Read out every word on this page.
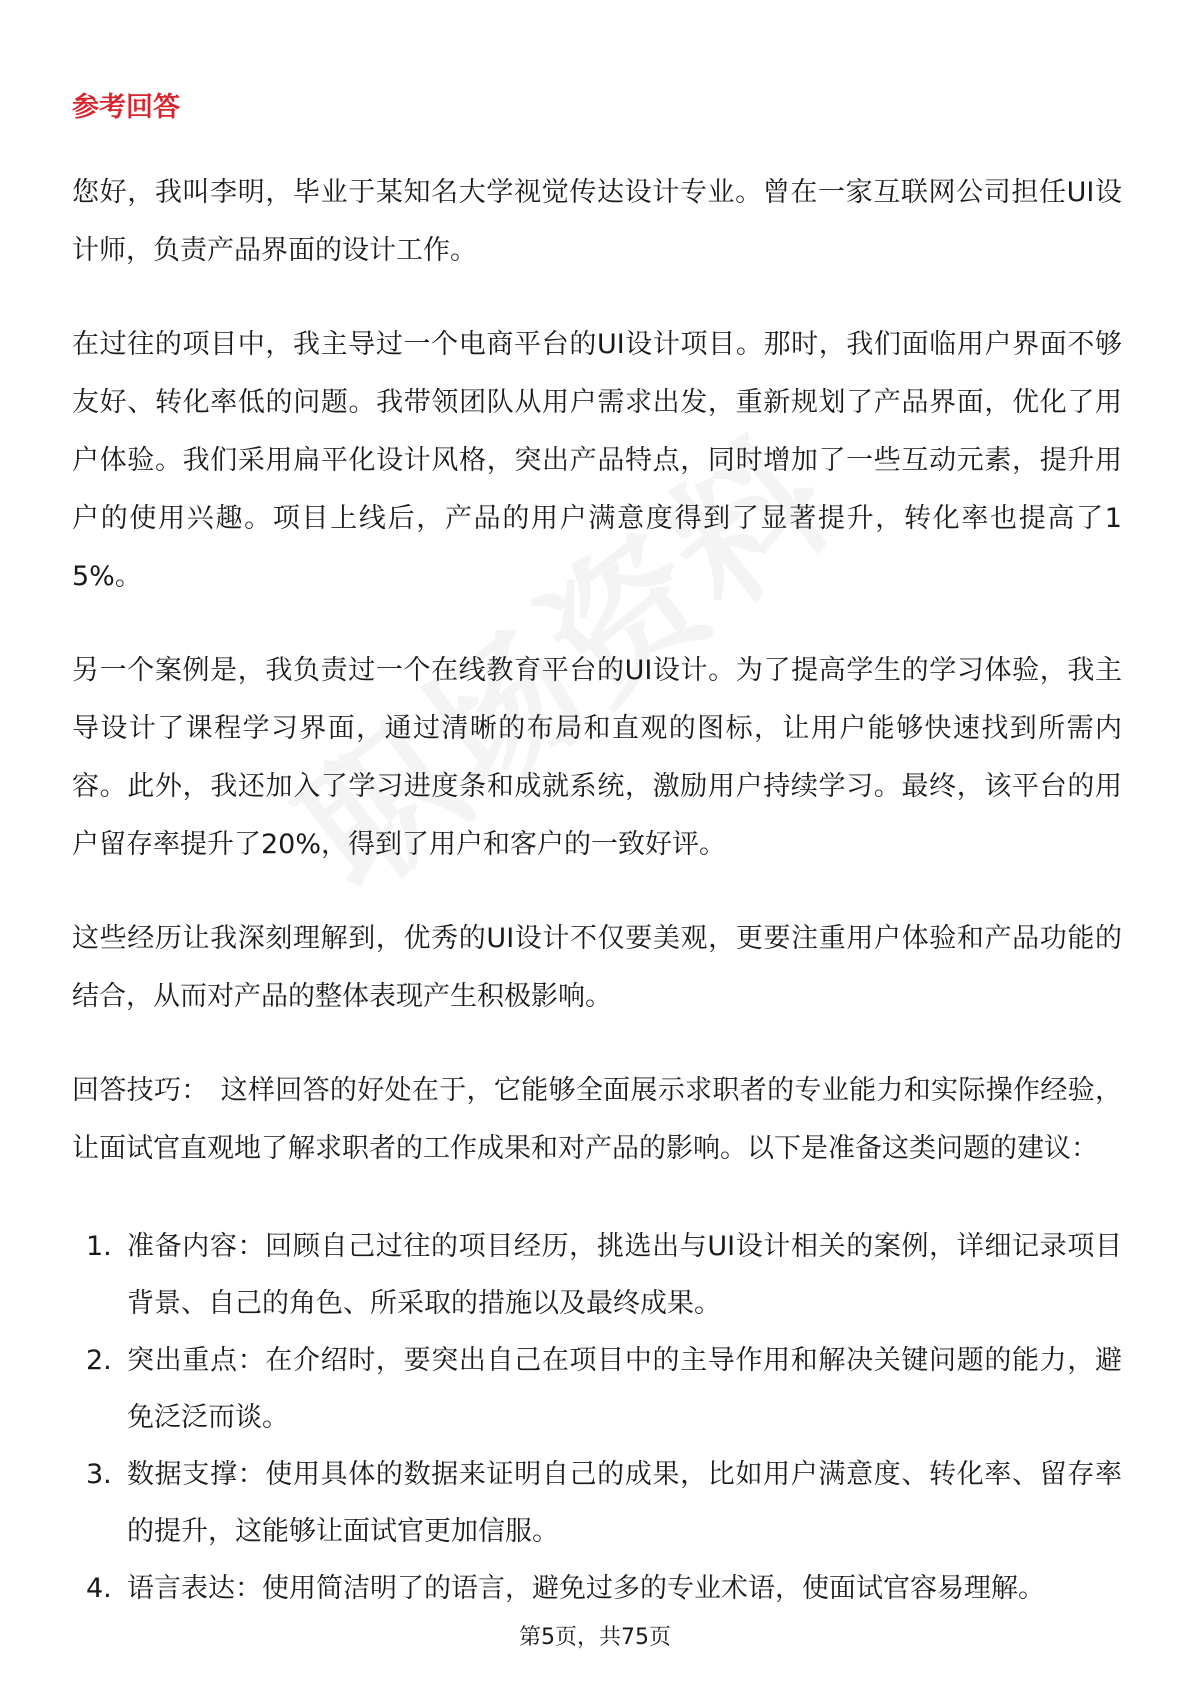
参考回答

您好，我叫李明，毕业于某知名大学视觉传达设计专业。曾在一家互联网公司担任UI设计师，负责产品界面的设计工作。

在过往的项目中，我主导过一个电商平台的UI设计项目。那时，我们面临用户界面不够友好、转化率低的问题。我带领团队从用户需求出发，重新规划了产品界面，优化了用户体验。我们采用扁平化设计风格，突出产品特点，同时增加了一些互动元素，提升用户的使用兴趣。项目上线后，产品的用户满意度得到了显著提升，转化率也提高了15%。

另一个案例是，我负责过一个在线教育平台的UI设计。为了提高学生的学习体验，我主导设计了课程学习界面，通过清晰的布局和直观的图标，让用户能够快速找到所需内容。此外，我还加入了学习进度条和成就系统，激励用户持续学习。最终，该平台的用户留存率提升了20%，得到了用户和客户的一致好评。

这些经历让我深刻理解到，优秀的UI设计不仅要美观，更要注重用户体验和产品功能的结合，从而对产品的整体表现产生积极影响。

回答技巧： 这样回答的好处在于，它能够全面展示求职者的专业能力和实际操作经验，让面试官直观地了解求职者的工作成果和对产品的影响。以下是准备这类问题的建议：

1. 准备内容：回顾自己过往的项目经历，挑选出与UI设计相关的案例，详细记录项目背景、自己的角色、所采取的措施以及最终成果。
2. 突出重点：在介绍时，要突出自己在项目中的主导作用和解决关键问题的能力，避免泛泛而谈。
3. 数据支撑：使用具体的数据来证明自己的成果，比如用户满意度、转化率、留存率的提升，这能够让面试官更加信服。
4. 语言表达：使用简洁明了的语言，避免过多的专业术语，使面试官容易理解。
第5页，共75页
